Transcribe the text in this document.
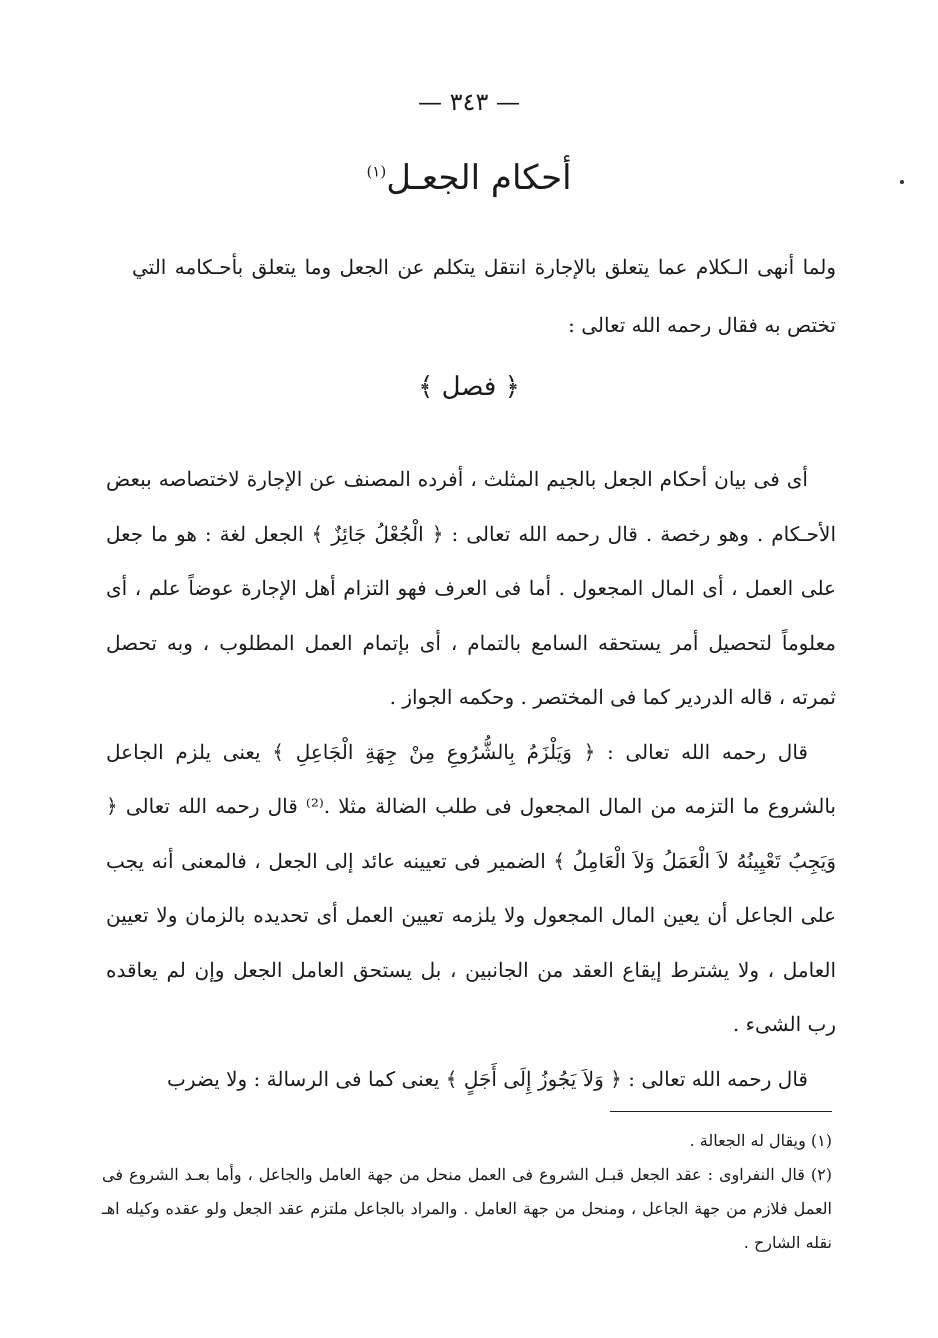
— ٣٤٣ —
أحكام الجعـل$^{(١)}$
ولما أنهى الـكلام عما يتعلق بالإجارة انتقل يتكلم عن الجعل وما يتعلق بأحـكامه التي تختص به فقال رحمه الله تعالى :
﴿ فصل ﴾

أى فى بيان أحكام الجعل بالجيم المثلث ، أفرده المصنف عن الإجارة لاختصاصه ببعض الأحـكام . وهو رخصة . قال رحمه الله تعالى : ﴿ الْجُعْلُ جَائِزٌ ﴾ الجعل لغة : هو ما جعل على العمل ، أى المال المجعول . أما فى العرف فهو التزام أهل الإجارة عوضاً علم ، أى معلوماً لتحصيل أمر يستحقه السامع بالتمام ، أى بإتمام العمل المطلوب ، وبه تحصل ثمرته ، قاله الدردير كما فى المختصر . وحكمه الجواز .

قال رحمه الله تعالى : ﴿ وَيَلْزَمُ بِالشُّرُوعِ مِنْ جِهَةِ الْجَاعِلِ ﴾ يعنى يلزم الجاعل بالشروع ما التزمه من المال المجعول فى طلب الضالة مثلا .⁽²⁾ قال رحمه الله تعالى ﴿ وَيَجِبُ تَعْيِينُهُ لاَ الْعَمَلُ وَلاَ الْعَامِلُ ﴾ الضمير فى تعيينه عائد إلى الجعل ، فالمعنى أنه يجب على الجاعل أن يعين المال المجعول ولا يلزمه تعيين العمل أى تحديده بالزمان ولا تعيين العامل ، ولا يشترط إيقاع العقد من الجانبين ، بل يستحق العامل الجعل وإن لم يعاقده رب الشىء .

قال رحمه الله تعالى : ﴿ وَلاَ يَجُوزُ إِلَى أَجَلٍ ﴾ يعنى كما فى الرسالة : ولا يضرب

(١) ويقال له الجعالة .

(٢) قال النفراوى : عقد الجعل قبـل الشروع فى العمل منحل من جهة العامل والجاعل ، وأما بعـد الشروع فى العمل فلازم من جهة الجاعل ، ومنحل من جهة العامل . والمراد بالجاعل ملتزم عقد الجعل ولو عقده وكيله اهـ نقله الشارح .
